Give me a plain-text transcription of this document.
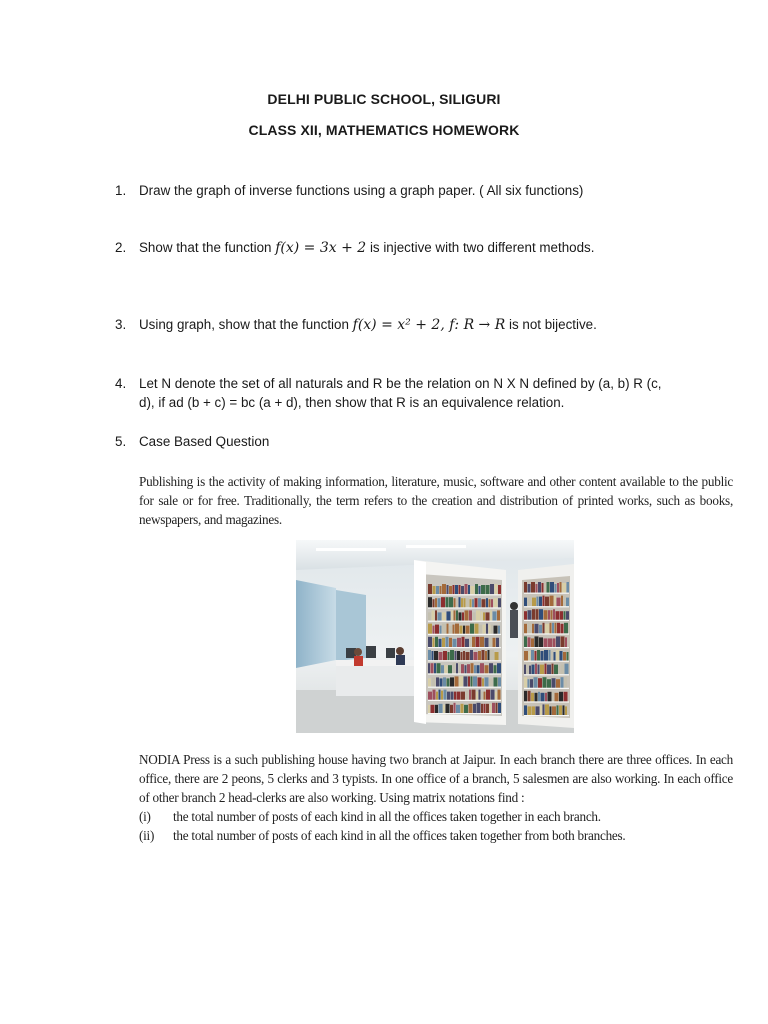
DELHI PUBLIC SCHOOL, SILIGURI
CLASS XII, MATHEMATICS HOMEWORK
1. Draw the graph of inverse functions using a graph paper. ( All six functions)
2. Show that the function f(x) = 3x + 2 is injective with two different methods.
3. Using graph, show that the function f(x) = x² + 2, f: R → R is not bijective.
4. Let N denote the set of all naturals and R be the relation on N X N defined by (a, b) R (c, d), if ad (b + c) = bc (a + d), then show that R is an equivalence relation.
5. Case Based Question
Publishing is the activity of making information, literature, music, software and other content available to the public for sale or for free. Traditionally, the term refers to the creation and distribution of printed works, such as books, newspapers, and magazines.
NODIA Press is a such publishing house having two branch at Jaipur. In each branch there are three offices. In each office, there are 2 peons, 5 clerks and 3 typists. In one office of a branch, 5 salesmen are also working. In each office of other branch 2 head-clerks are also working. Using matrix notations find :
(i) the total number of posts of each kind in all the offices taken together in each branch.
(ii) the total number of posts of each kind in all the offices taken together from both branches.
